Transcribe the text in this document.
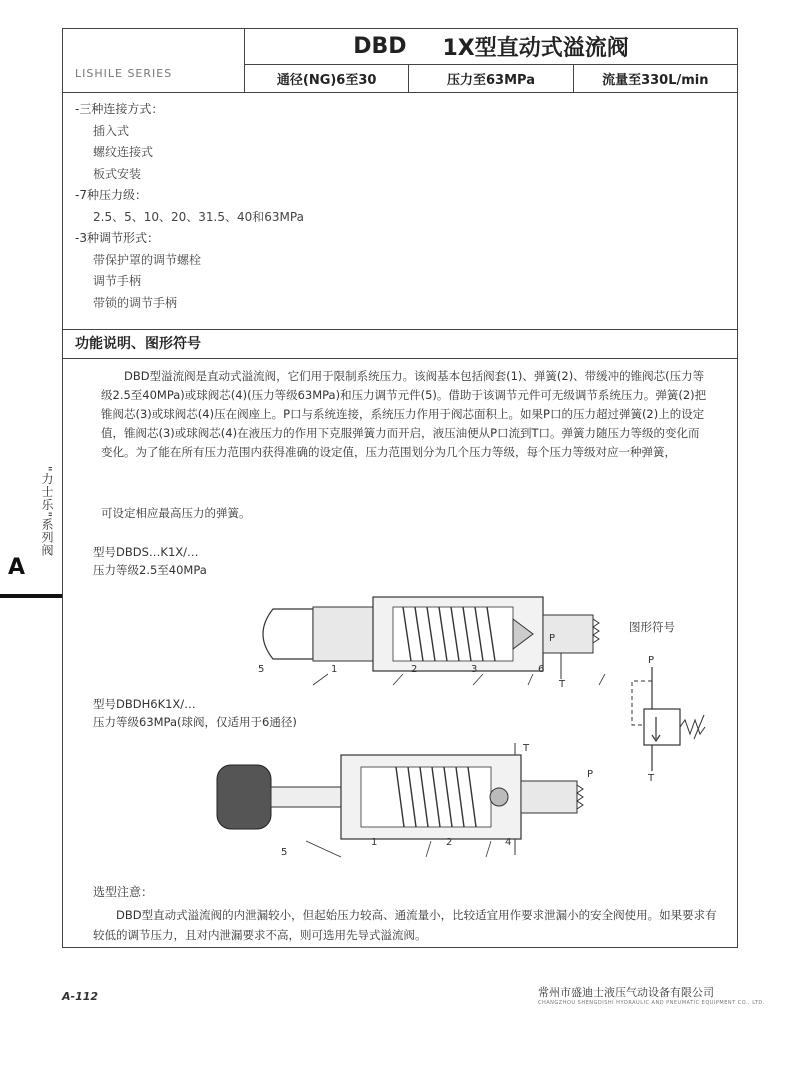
LISHILE SERIES
DBD 1X型直动式溢流阀
通径(NG)6至30	压力至63MPa	流量至330L/min
-三种连接方式：
插入式
螺纹连接式
板式安装
-7种压力级：
2.5、5、10、20、31.5、40和63MPa
-3种调节形式：
带保护罩的调节螺栓
调节手柄
带锁的调节手柄
功能说明、图形符号
DBD型溢流阀是直动式溢流阀，它们用于限制系统压力。该阀基本包括阀套(1)、弹簧(2)、带缓冲的锥阀芯(压力等级2.5至40MPa)或球阀芯(4)(压力等级63MPa)和压力调节元件(5)。借助于该调节元件可无级调节系统压力。弹簧(2)把锥阀芯(3)或球阀芯(4)压在阀座上。P口与系统连接，系统压力作用于阀芯面积上。如果P口的压力超过弹簧(2)上的设定值，锥阀芯(3)或球阀芯(4)在液压力的作用下克服弹簧力而开启，液压油便从P口流到T口。弹簧力随压力等级的变化而变化。为了能在所有压力范围内获得准确的设定值，压力范围划分为几个压力等级，每个压力等级对应一种弹簧，
可设定相应最高压力的弹簧。
型号DBDS…K1X/…
压力等级2.5至40MPa
P
T
5	1	2	3	6
图形符号
P
T
型号DBDH6K1X/…
压力等级63MPa(球阀，仅适用于6通径)
T
P
5
1	2	4
选型注意：
DBD型直动式溢流阀的内泄漏较小，但起始压力较高、通流量小，比较适宜用作要求泄漏小的安全阀使用。如果要求有较低的调节压力，且对内泄漏要求不高，则可选用先导式溢流阀。
A
"力士乐"系列阀
A-112	常州市盛迪士液压气动设备有限公司
CHANGZHOU SHENGDISHI HYDRAULIC AND PNEUMATIC EQUIPMENT CO., LTD.
